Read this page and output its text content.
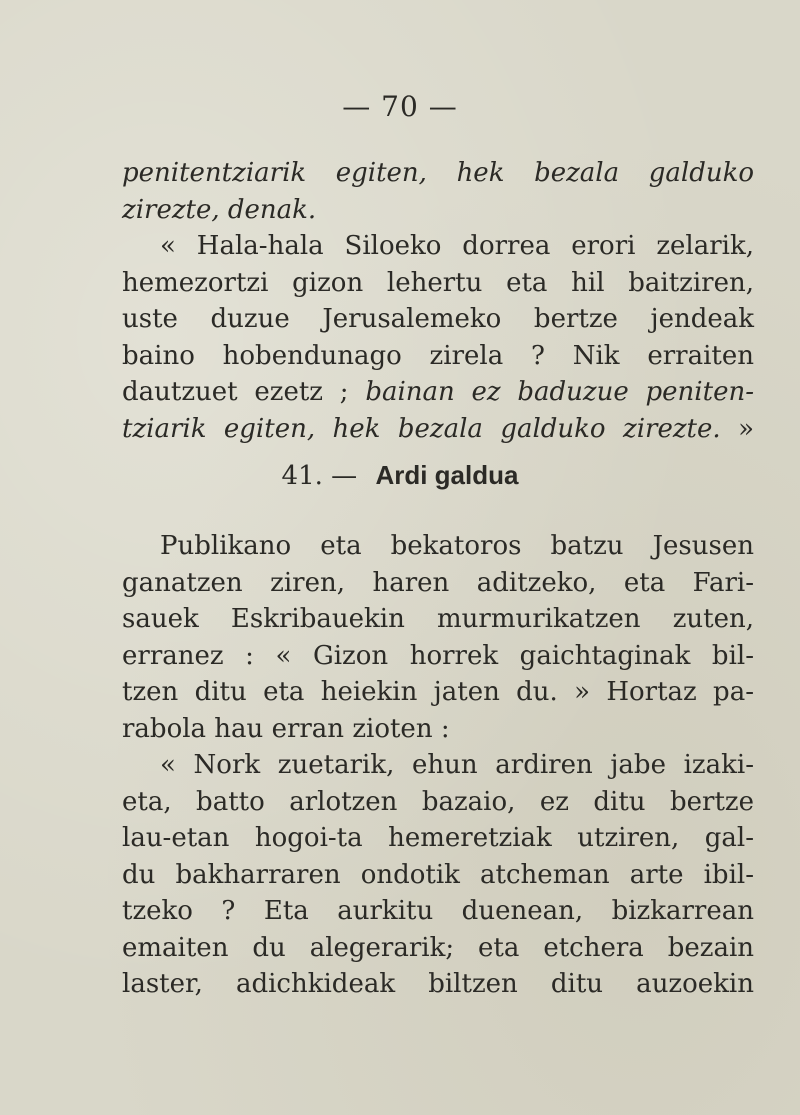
— 70 —
penitentziarik egiten, hek bezala galduko
zirezte, denak.
« Hala-hala Siloeko dorrea erori zelarik,
hemezortzi gizon lehertu eta hil baitziren,
uste duzue Jerusalemeko bertze jendeak
baino hobendunago zirela ? Nik erraiten
dautzuet ezetz ; bainan ez baduzue peniten-
tziarik egiten, hek bezala galduko zirezte. »
41. — Ardi galdua
Publikano eta bekatoros batzu Jesusen
ganatzen ziren, haren aditzeko, eta Fari-
sauek Eskribauekin murmurikatzen zuten,
erranez : « Gizon horrek gaichtaginak bil-
tzen ditu eta heiekin jaten du. » Hortaz pa-
rabola hau erran zioten :
« Nork zuetarik, ehun ardiren jabe izaki-
eta, batto arlotzen bazaio, ez ditu bertze
lau-etan hogoi-ta hemeretziak utziren, gal-
du bakharraren ondotik atcheman arte ibil-
tzeko ? Eta aurkitu duenean, bizkarrean
emaiten du alegerarik; eta etchera bezain
laster, adichkideak biltzen ditu auzoekin
